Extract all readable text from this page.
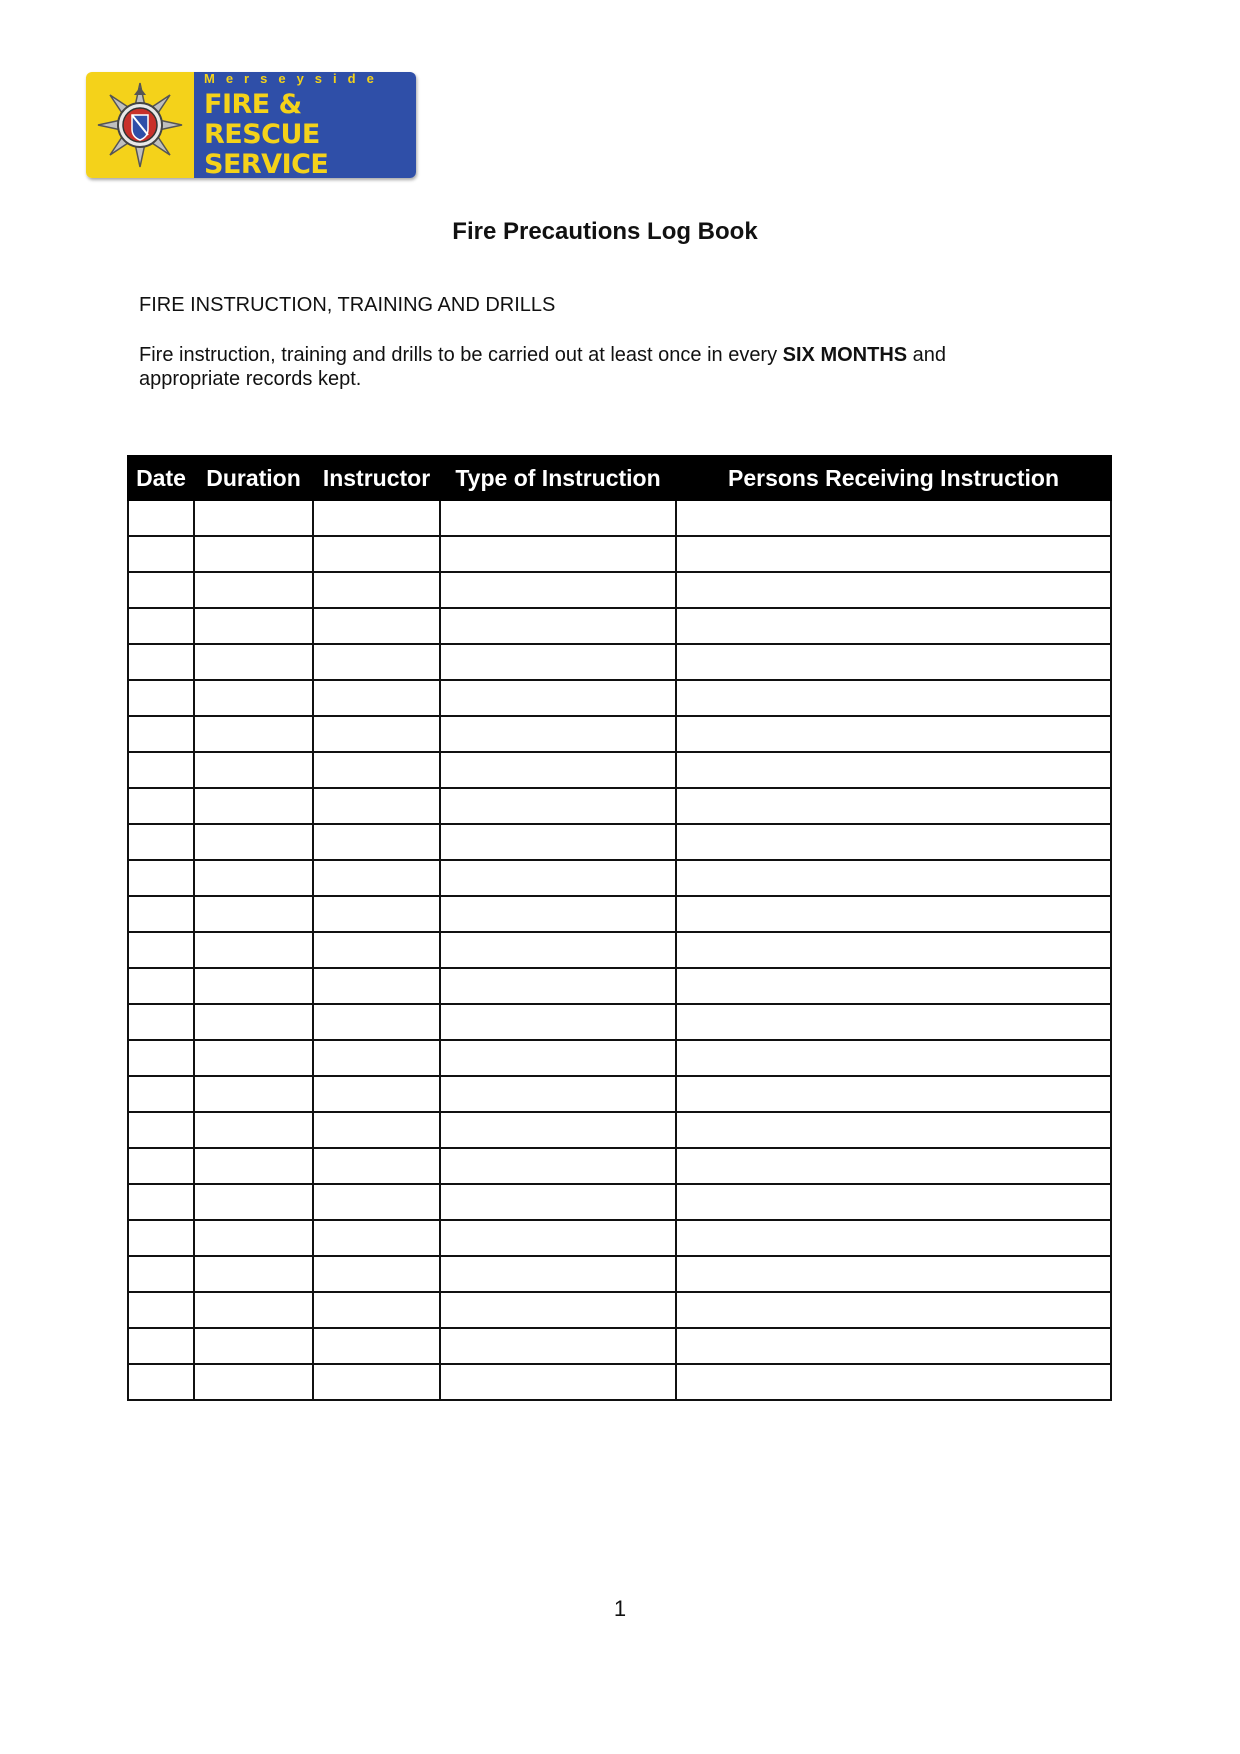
Merseyside
FIRE & RESCUE
SERVICE
Fire Precautions Log Book
FIRE INSTRUCTION, TRAINING AND DRILLS
Fire instruction, training and drills to be carried out at least once in every SIX MONTHS and appropriate records kept.
Date	Duration	Instructor	Type of Instruction	Persons Receiving Instruction

1
